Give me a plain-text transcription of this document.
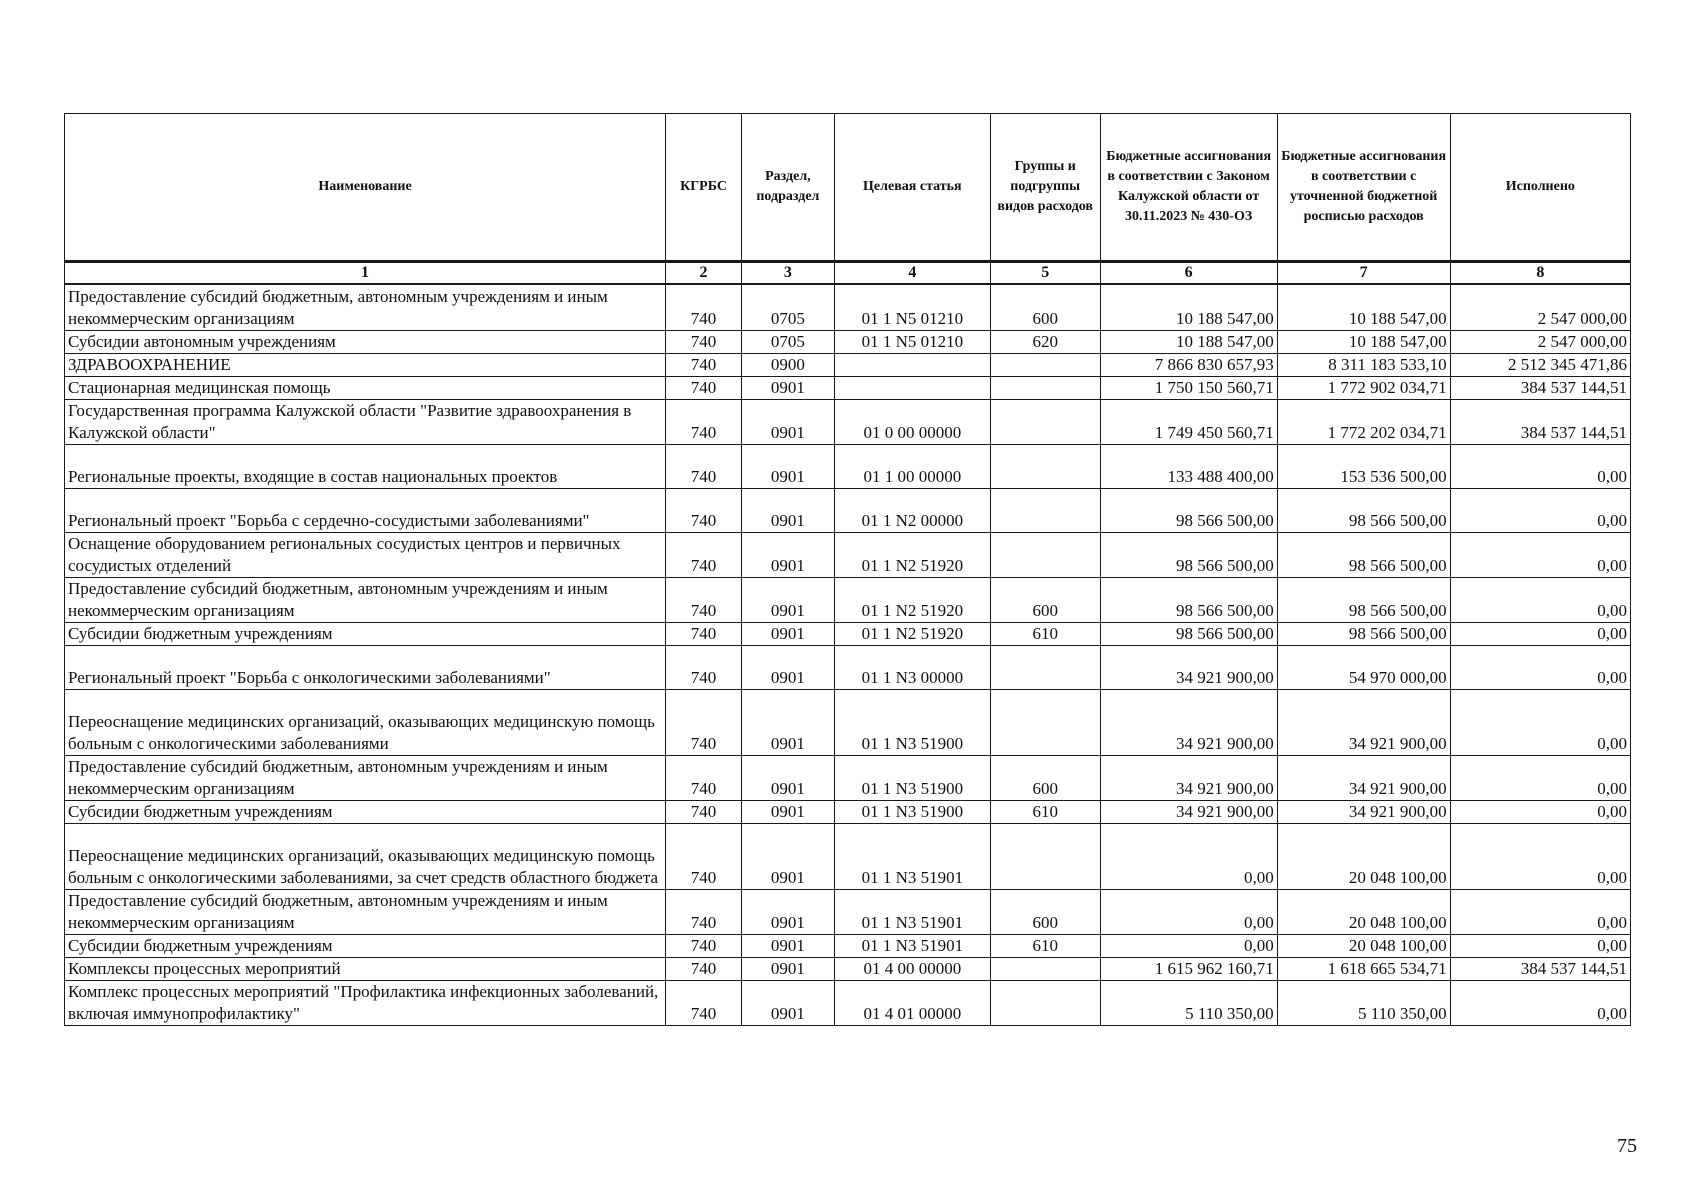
Наименование	КГРБС	Раздел, подраздел	Целевая статья	Группы и подгруппы видов расходов	Бюджетные ассигнования в соответствии с Законом Калужской области от 30.11.2023 № 430-ОЗ	Бюджетные ассигнования в соответствии с уточненной бюджетной росписью расходов	Исполнено
1	2	3	4	5	6	7	8
Предоставление субсидий бюджетным, автономным учреждениям и иным некоммерческим организациям	740	0705	01 1 N5 01210	600	10 188 547,00	10 188 547,00	2 547 000,00
Субсидии автономным учреждениям	740	0705	01 1 N5 01210	620	10 188 547,00	10 188 547,00	2 547 000,00
ЗДРАВООХРАНЕНИЕ	740	0900			7 866 830 657,93	8 311 183 533,10	2 512 345 471,86
Стационарная медицинская помощь	740	0901			1 750 150 560,71	1 772 902 034,71	384 537 144,51
Государственная программа Калужской области "Развитие здравоохранения в Калужской области"	740	0901	01 0 00 00000		1 749 450 560,71	1 772 202 034,71	384 537 144,51
Региональные проекты, входящие в состав национальных проектов	740	0901	01 1 00 00000		133 488 400,00	153 536 500,00	0,00
Региональный проект "Борьба с сердечно-сосудистыми заболеваниями"	740	0901	01 1 N2 00000		98 566 500,00	98 566 500,00	0,00
Оснащение оборудованием региональных сосудистых центров и первичных сосудистых отделений	740	0901	01 1 N2 51920		98 566 500,00	98 566 500,00	0,00
Предоставление субсидий бюджетным, автономным учреждениям и иным некоммерческим организациям	740	0901	01 1 N2 51920	600	98 566 500,00	98 566 500,00	0,00
Субсидии бюджетным учреждениям	740	0901	01 1 N2 51920	610	98 566 500,00	98 566 500,00	0,00
Региональный проект "Борьба с онкологическими заболеваниями"	740	0901	01 1 N3 00000		34 921 900,00	54 970 000,00	0,00
Переоснащение медицинских организаций, оказывающих медицинскую помощь больным с онкологическими заболеваниями	740	0901	01 1 N3 51900		34 921 900,00	34 921 900,00	0,00
Предоставление субсидий бюджетным, автономным учреждениям и иным некоммерческим организациям	740	0901	01 1 N3 51900	600	34 921 900,00	34 921 900,00	0,00
Субсидии бюджетным учреждениям	740	0901	01 1 N3 51900	610	34 921 900,00	34 921 900,00	0,00
Переоснащение медицинских организаций, оказывающих медицинскую помощь больным с онкологическими заболеваниями, за счет средств областного бюджета	740	0901	01 1 N3 51901		0,00	20 048 100,00	0,00
Предоставление субсидий бюджетным, автономным учреждениям и иным некоммерческим организациям	740	0901	01 1 N3 51901	600	0,00	20 048 100,00	0,00
Субсидии бюджетным учреждениям	740	0901	01 1 N3 51901	610	0,00	20 048 100,00	0,00
Комплексы процессных мероприятий	740	0901	01 4 00 00000		1 615 962 160,71	1 618 665 534,71	384 537 144,51
Комплекс процессных мероприятий "Профилактика инфекционных заболеваний, включая иммунопрофилактику"	740	0901	01 4 01 00000		5 110 350,00	5 110 350,00	0,00
75
